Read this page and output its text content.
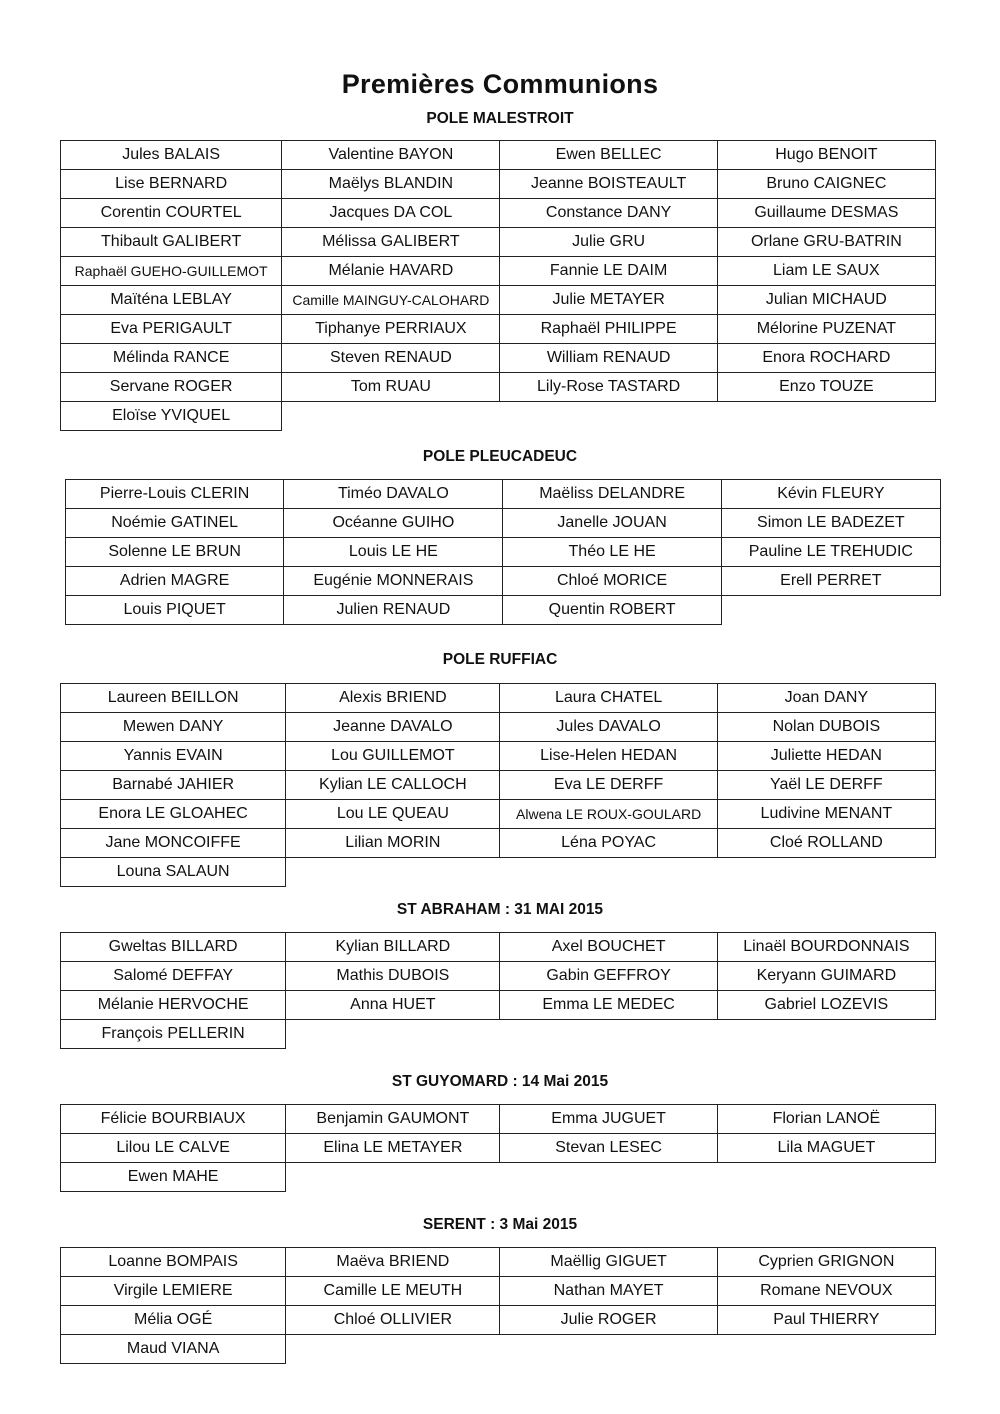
Premières Communions
POLE MALESTROIT
Jules BALAIS	Valentine BAYON	Ewen BELLEC	Hugo BENOIT
Lise BERNARD	Maëlys BLANDIN	Jeanne BOISTEAULT	Bruno CAIGNEC
Corentin COURTEL	Jacques DA COL	Constance DANY	Guillaume DESMAS
Thibault GALIBERT	Mélissa GALIBERT	Julie GRU	Orlane GRU-BATRIN
Raphaël GUEHO-GUILLEMOT	Mélanie HAVARD	Fannie LE DAIM	Liam LE SAUX
Maïténa LEBLAY	Camille MAINGUY-CALOHARD	Julie METAYER	Julian MICHAUD
Eva PERIGAULT	Tiphanye PERRIAUX	Raphaël PHILIPPE	Mélorine PUZENAT
Mélinda RANCE	Steven RENAUD	William RENAUD	Enora ROCHARD
Servane ROGER	Tom RUAU	Lily-Rose TASTARD	Enzo TOUZE
Eloïse YVIQUEL			
POLE PLEUCADEUC
Pierre-Louis CLERIN	Timéo DAVALO	Maëliss DELANDRE	Kévin FLEURY
Noémie GATINEL	Océanne GUIHO	Janelle JOUAN	Simon LE BADEZET
Solenne LE BRUN	Louis LE HE	Théo LE HE	Pauline LE TREHUDIC
Adrien MAGRE	Eugénie MONNERAIS	Chloé MORICE	Erell PERRET
Louis PIQUET	Julien RENAUD	Quentin ROBERT	
POLE RUFFIAC
Laureen BEILLON	Alexis BRIEND	Laura CHATEL	Joan DANY
Mewen DANY	Jeanne DAVALO	Jules DAVALO	Nolan DUBOIS
Yannis EVAIN	Lou GUILLEMOT	Lise-Helen HEDAN	Juliette HEDAN
Barnabé JAHIER	Kylian LE CALLOCH	Eva LE DERFF	Yaël LE DERFF
Enora LE GLOAHEC	Lou LE QUEAU	Alwena LE ROUX-GOULARD	Ludivine MENANT
Jane MONCOIFFE	Lilian MORIN	Léna POYAC	Cloé ROLLAND
Louna SALAUN			
ST ABRAHAM : 31 MAI 2015
Gweltas BILLARD	Kylian BILLARD	Axel BOUCHET	Linaël BOURDONNAIS
Salomé DEFFAY	Mathis DUBOIS	Gabin GEFFROY	Keryann GUIMARD
Mélanie HERVOCHE	Anna HUET	Emma LE MEDEC	Gabriel LOZEVIS
François PELLERIN			
ST GUYOMARD : 14 Mai 2015
Félicie BOURBIAUX	Benjamin GAUMONT	Emma JUGUET	Florian LANOË
Lilou LE CALVE	Elina LE METAYER	Stevan LESEC	Lila MAGUET
Ewen MAHE			
SERENT : 3 Mai 2015
Loanne BOMPAIS	Maëva BRIEND	Maëllig GIGUET	Cyprien GRIGNON
Virgile LEMIERE	Camille LE MEUTH	Nathan MAYET	Romane NEVOUX
Mélia OGÉ	Chloé OLLIVIER	Julie ROGER	Paul THIERRY
Maud VIANA			
